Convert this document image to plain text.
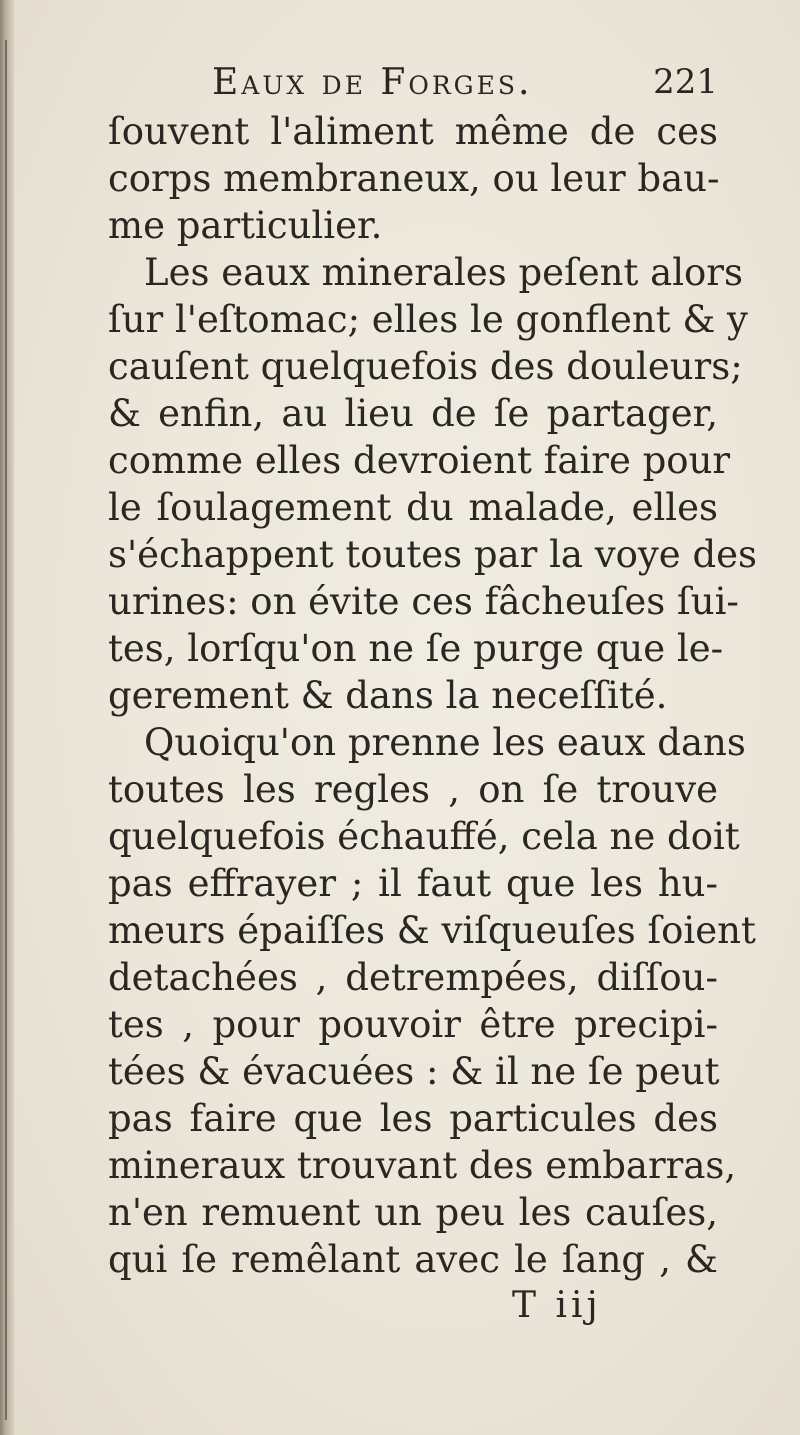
Eaux de Forges.	221
ſouvent l'aliment même de ces
corps membraneux, ou leur bau-
me particulier.
Les eaux minerales peſent alors
ſur l'eſtomac; elles le gonflent & y
cauſent quelquefois des douleurs;
& enfin, au lieu de ſe partager,
comme elles devroient faire pour
le ſoulagement du malade, elles
s'échappent toutes par la voye des
urines: on évite ces fâcheuſes ſui-
tes, lorſqu'on ne ſe purge que le-
gerement & dans la neceſſité.
Quoiqu'on prenne les eaux dans
toutes les regles , on ſe trouve
quelquefois échauffé, cela ne doit
pas effrayer ; il faut que les hu-
meurs épaiſſes & viſqueuſes ſoient
detachées , detrempées, diſſou-
tes , pour pouvoir être precipi-
tées & évacuées : & il ne ſe peut
pas faire que les particules des
mineraux trouvant des embarras,
n'en remuent un peu les cauſes,
qui ſe remêlant avec le ſang , &
T iij
